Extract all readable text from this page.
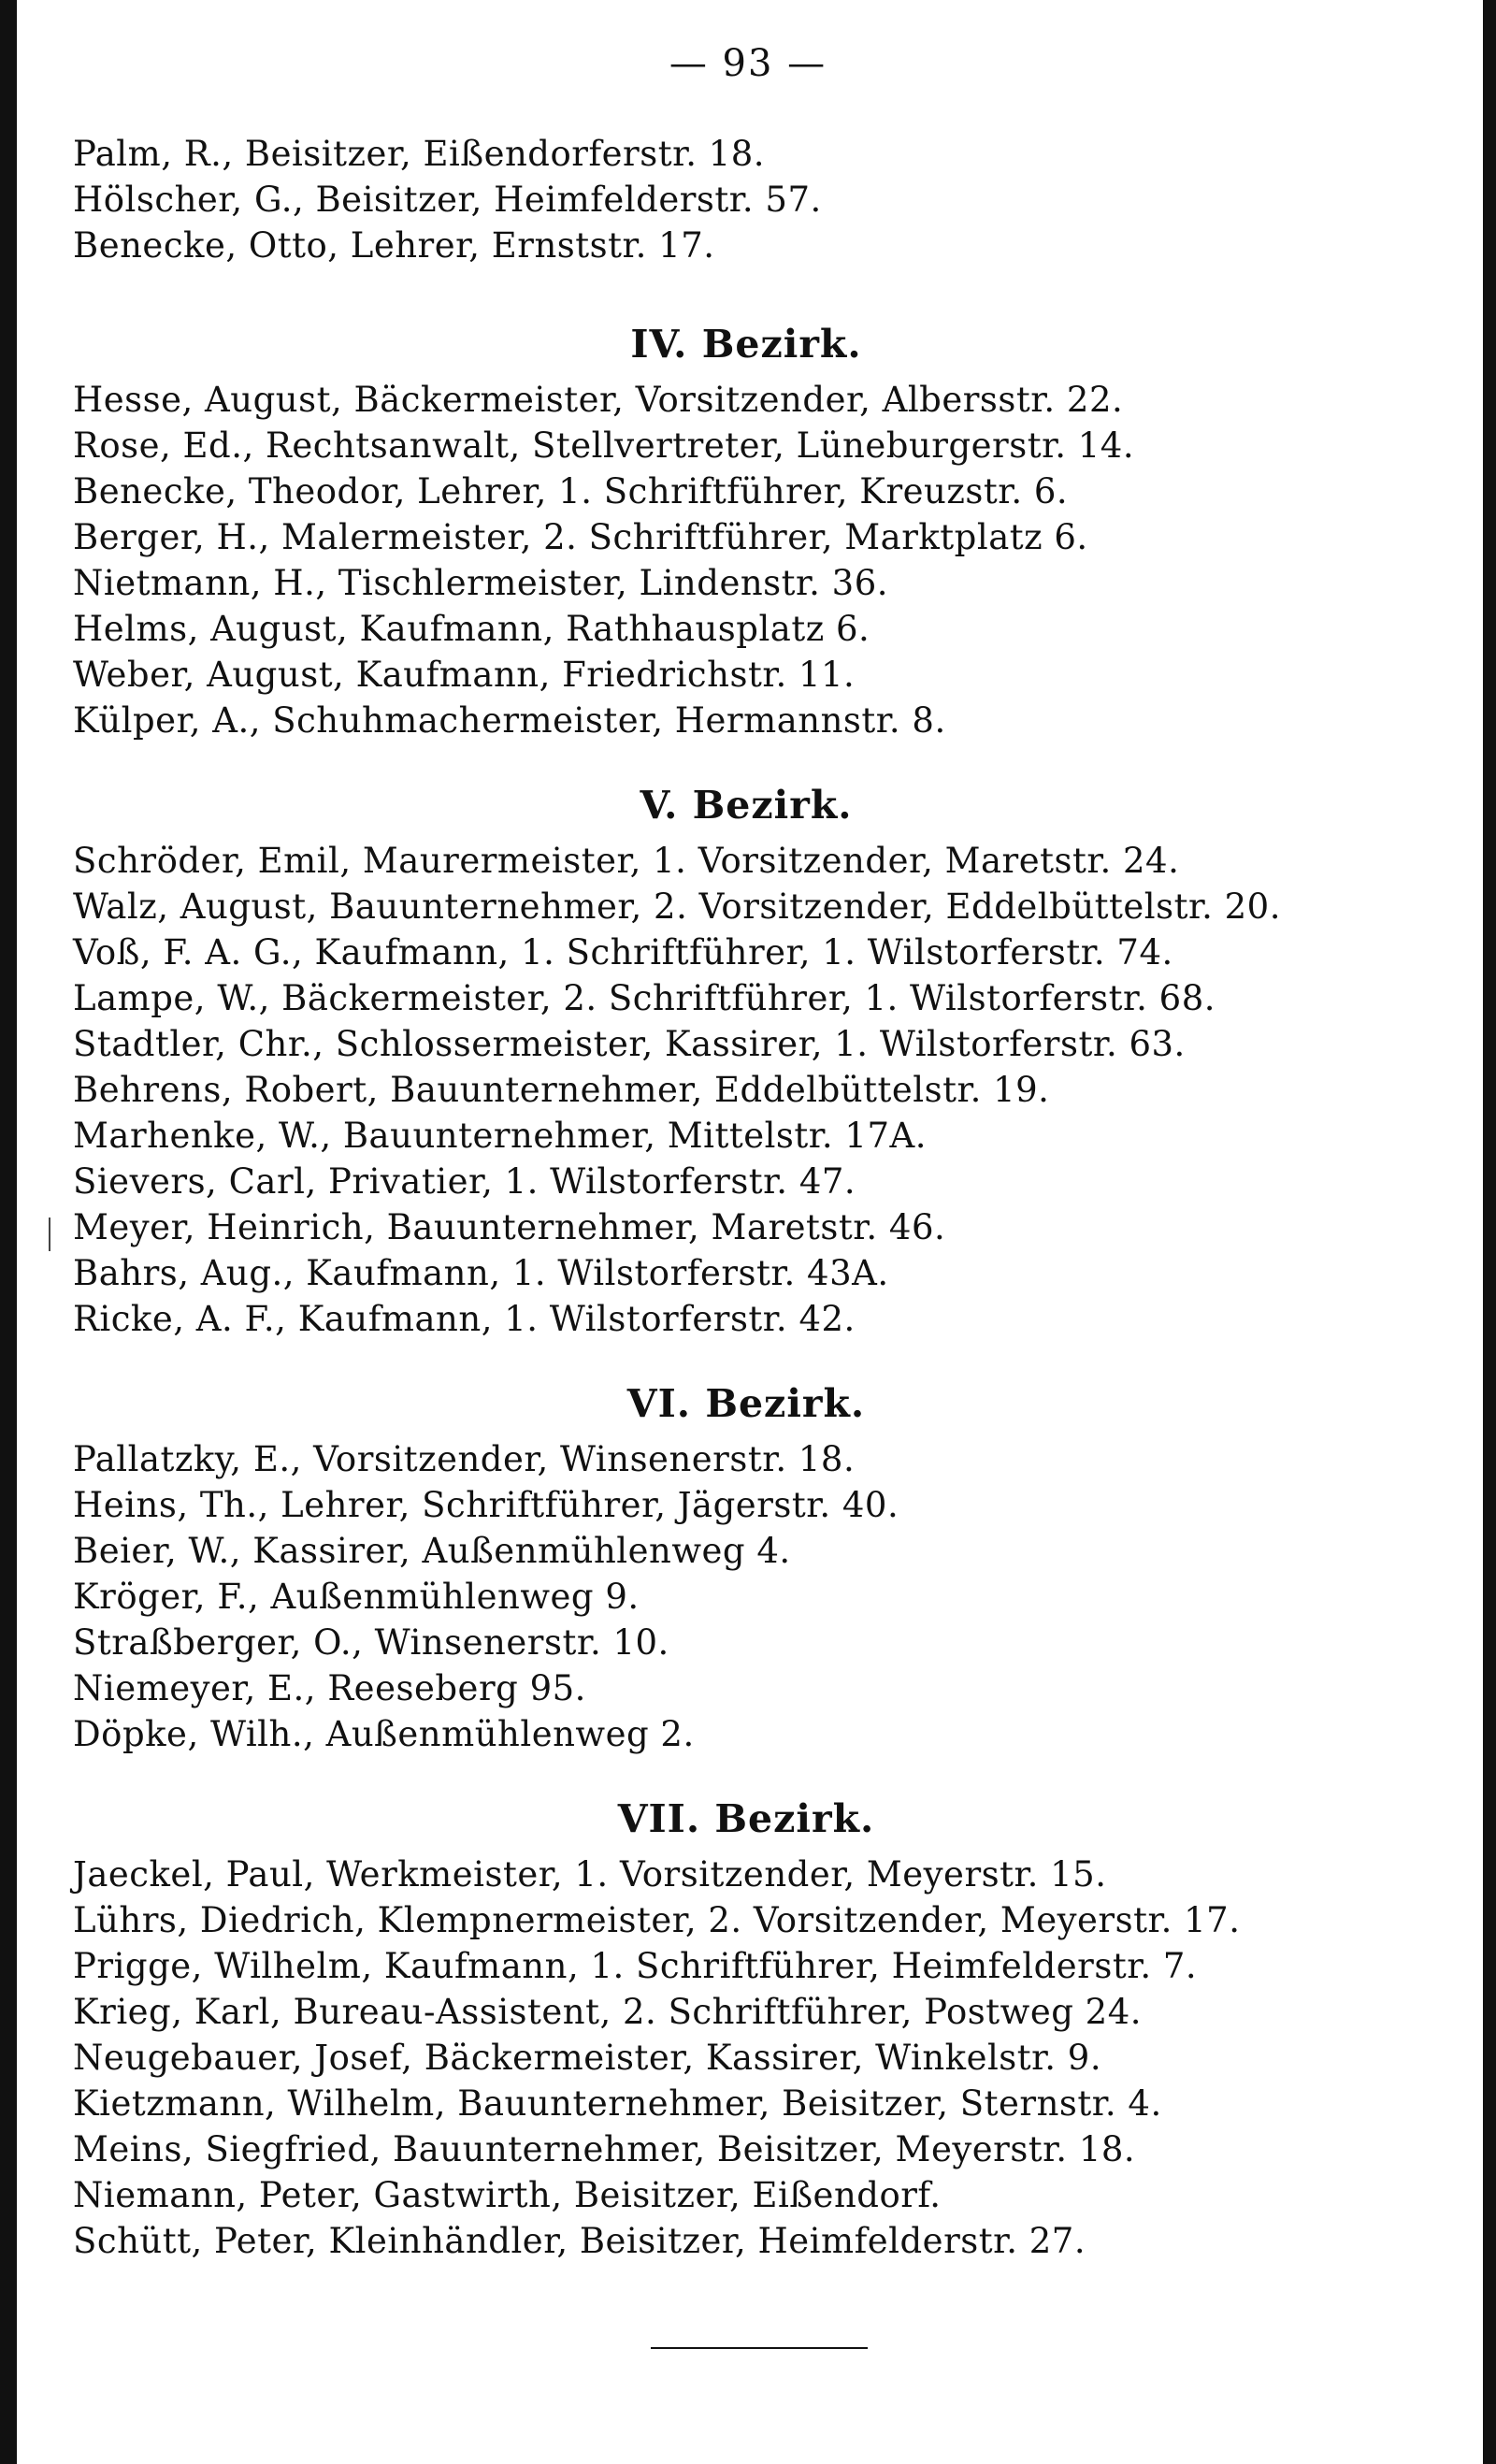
— 93 —
Palm, R., Beisitzer, Eißendorferstr. 18.
Hölscher, G., Beisitzer, Heimfelderstr. 57.
Benecke, Otto, Lehrer, Ernststr. 17.
IV. Bezirk.
Hesse, August, Bäckermeister, Vorsitzender, Albersstr. 22.
Rose, Ed., Rechtsanwalt, Stellvertreter, Lüneburgerstr. 14.
Benecke, Theodor, Lehrer, 1. Schriftführer, Kreuzstr. 6.
Berger, H., Malermeister, 2. Schriftführer, Marktplatz 6.
Nietmann, H., Tischlermeister, Lindenstr. 36.
Helms, August, Kaufmann, Rathhausplatz 6.
Weber, August, Kaufmann, Friedrichstr. 11.
Külper, A., Schuhmachermeister, Hermannstr. 8.
V. Bezirk.
Schröder, Emil, Maurermeister, 1. Vorsitzender, Maretstr. 24.
Walz, August, Bauunternehmer, 2. Vorsitzender, Eddelbüttelstr. 20.
Voß, F. A. G., Kaufmann, 1. Schriftführer, 1. Wilstorferstr. 74.
Lampe, W., Bäckermeister, 2. Schriftführer, 1. Wilstorferstr. 68.
Stadtler, Chr., Schlossermeister, Kassirer, 1. Wilstorferstr. 63.
Behrens, Robert, Bauunternehmer, Eddelbüttelstr. 19.
Marhenke, W., Bauunternehmer, Mittelstr. 17A.
Sievers, Carl, Privatier, 1. Wilstorferstr. 47.
Meyer, Heinrich, Bauunternehmer, Maretstr. 46.
Bahrs, Aug., Kaufmann, 1. Wilstorferstr. 43A.
Ricke, A. F., Kaufmann, 1. Wilstorferstr. 42.
VI. Bezirk.
Pallatzky, E., Vorsitzender, Winsenerstr. 18.
Heins, Th., Lehrer, Schriftführer, Jägerstr. 40.
Beier, W., Kassirer, Außenmühlenweg 4.
Kröger, F., Außenmühlenweg 9.
Straßberger, O., Winsenerstr. 10.
Niemeyer, E., Reeseberg 95.
Döpke, Wilh., Außenmühlenweg 2.
VII. Bezirk.
Jaeckel, Paul, Werkmeister, 1. Vorsitzender, Meyerstr. 15.
Lührs, Diedrich, Klempnermeister, 2. Vorsitzender, Meyerstr. 17.
Prigge, Wilhelm, Kaufmann, 1. Schriftführer, Heimfelderstr. 7.
Krieg, Karl, Bureau-Assistent, 2. Schriftführer, Postweg 24.
Neugebauer, Josef, Bäckermeister, Kassirer, Winkelstr. 9.
Kietzmann, Wilhelm, Bauunternehmer, Beisitzer, Sternstr. 4.
Meins, Siegfried, Bauunternehmer, Beisitzer, Meyerstr. 18.
Niemann, Peter, Gastwirth, Beisitzer, Eißendorf.
Schütt, Peter, Kleinhändler, Beisitzer, Heimfelderstr. 27.
